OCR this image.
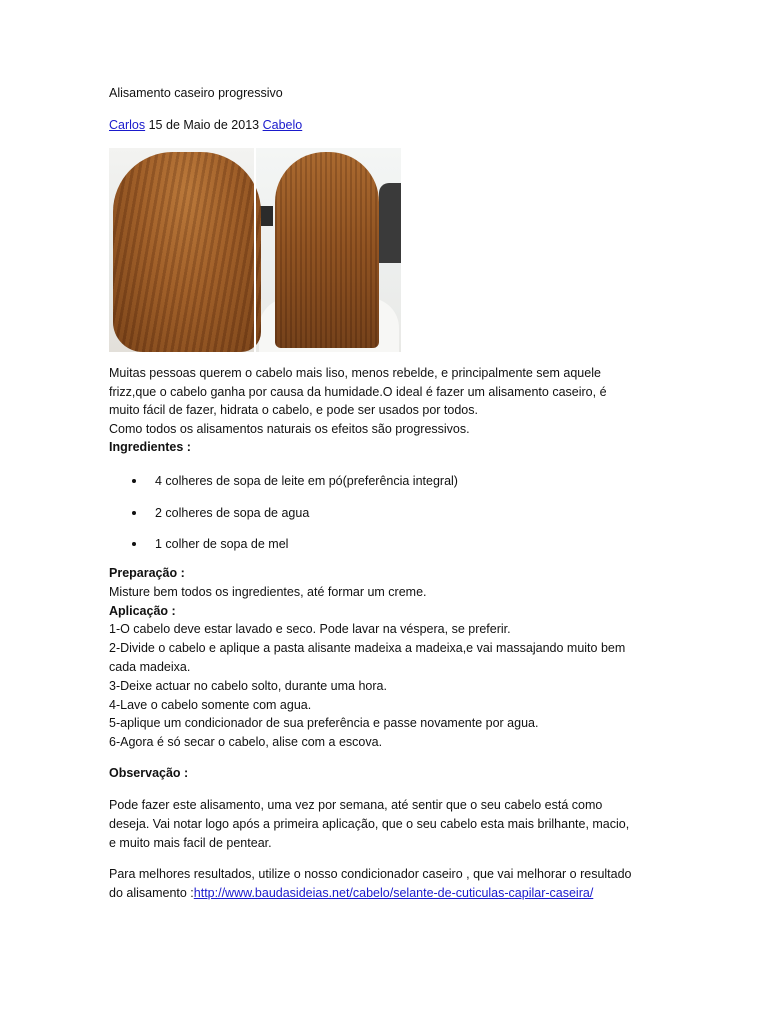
Alisamento caseiro progressivo
Carlos 15 de Maio de 2013 Cabelo

Muitas pessoas querem o cabelo mais liso, menos rebelde, e principalmente sem aquele

frizz,que o cabelo ganha por causa da humidade.O ideal é fazer um alisamento caseiro, é

muito fácil de fazer, hidrata o cabelo, e pode ser usados por todos.

Como todos os alisamentos naturais os efeitos são progressivos.

Ingredientes :

4 colheres de sopa de leite em pó(preferência integral)
2 colheres de sopa de agua
1 colher de sopa de mel

Preparação :

Misture bem todos os ingredientes, até formar um creme.

Aplicação :

1-O cabelo deve estar lavado e seco. Pode lavar na véspera, se preferir.

2-Divide o cabelo e aplique a pasta alisante madeixa a madeixa,e vai massajando muito bem

cada madeixa.

3-Deixe actuar no cabelo solto, durante uma hora.

4-Lave o cabelo somente com agua.

5-aplique um condicionador de sua preferência e passe novamente por agua.

6-Agora é só secar o cabelo, alise com a escova.

Observação :

Pode fazer este alisamento, uma vez por semana, até sentir que o seu cabelo está como

deseja. Vai notar logo após a primeira aplicação, que o seu cabelo esta mais brilhante, macio,

e muito mais facil de pentear.

Para melhores resultados, utilize o nosso condicionador caseiro , que vai melhorar o resultado

do alisamento :http://www.baudasideias.net/cabelo/selante-de-cuticulas-capilar-caseira/
